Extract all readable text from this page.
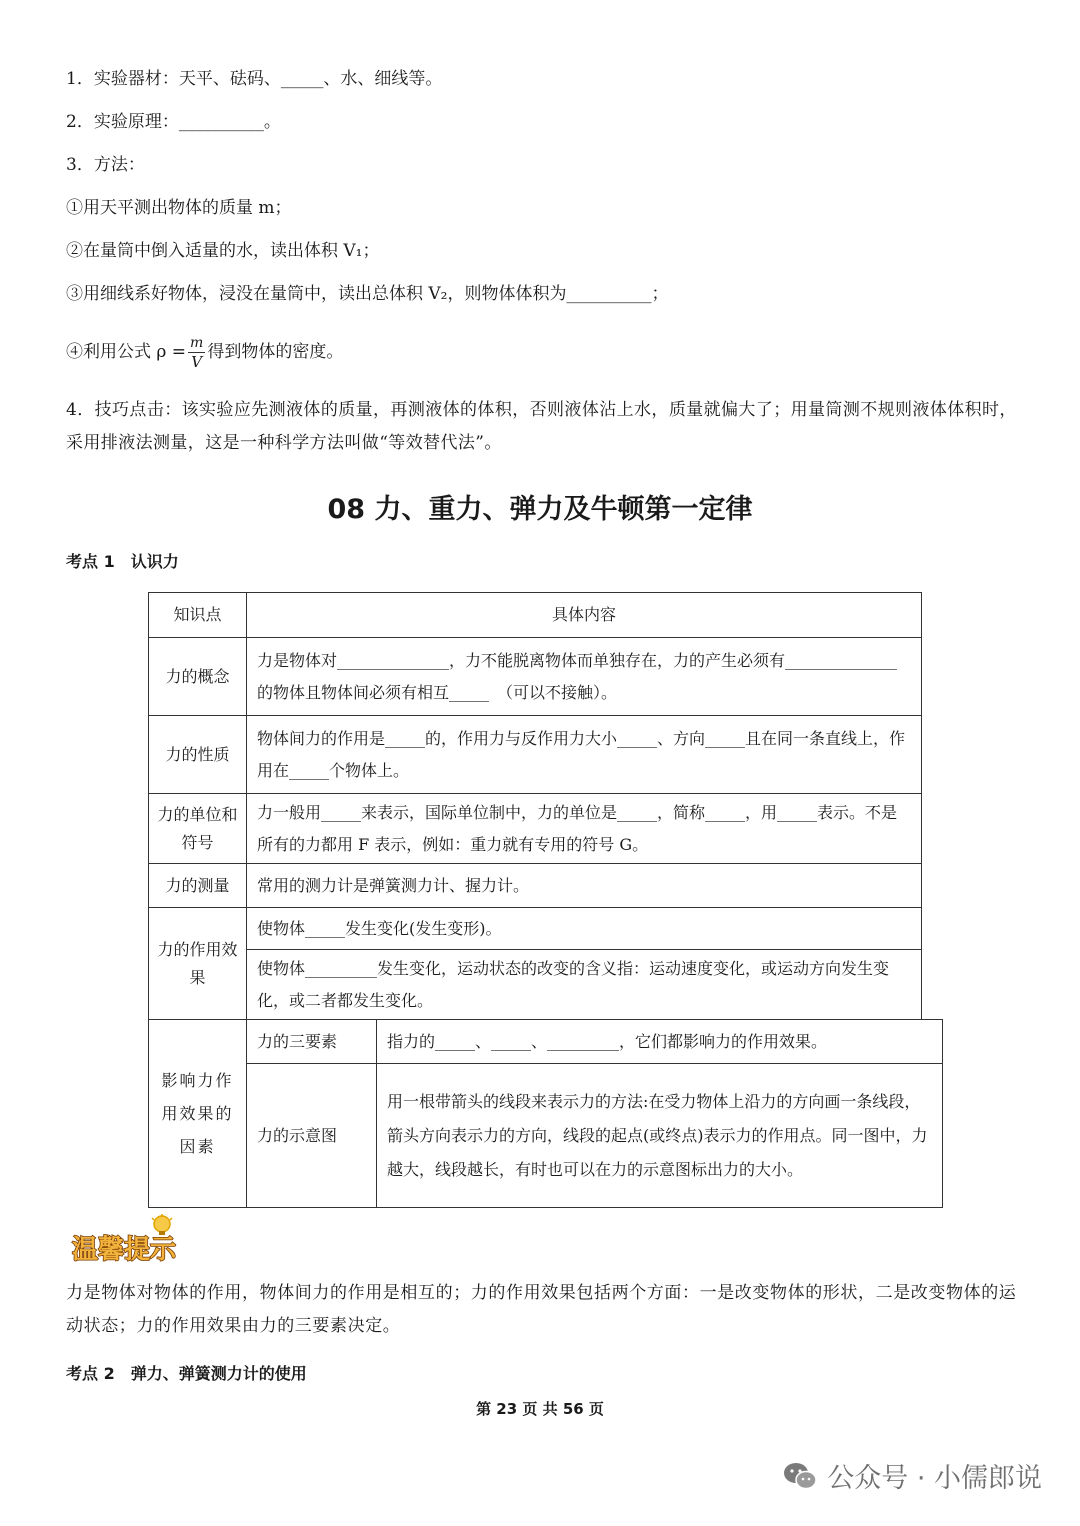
1．实验器材：天平、砝码、_____、水、细线等。
2．实验原理：__________。
3．方法：
①用天平测出物体的质量 m；
②在量筒中倒入适量的水，读出体积 V₁；
③用细线系好物体，浸没在量筒中，读出总体积 V₂，则物体体积为__________；
④利用公式 $\rho = \frac{m}{V}$ 得到物体的密度。
4．技巧点击：该实验应先测液体的质量，再测液体的体积，否则液体沾上水，质量就偏大了；用量筒测不规则液体体积时，采用排液法测量，这是一种科学方法叫做“等效替代法”。
08 力、重力、弹力及牛顿第一定律
考点 1　认识力
知识点	具体内容		
力的概念	力是物体对______________，力不能脱离物体而单独存在，力的产生必须有______________的物体且物体间必须有相互_____　（可以不接触）。		
力的性质	物体间力的作用是_____的，作用力与反作用力大小_____、方向_____且在同一条直线上，作用在_____个物体上。		
力的单位和符号	力一般用_____来表示，国际单位制中，力的单位是_____，简称_____，用_____表示。不是所有的力都用 F 表示，例如：重力就有专用的符号 G。		
力的测量	常用的测力计是弹簧测力计、握力计。		
力的作用效果	使物体_____发生变化(发生变形)。		
	使物体_________发生变化，运动状态的改变的含义指：运动速度变化，或运动方向发生变化，或二者都发生变化。		
影响力作用效果的因素	力的三要素	指力的_____、_____、_________，它们都影响力的作用效果。	
	力的示意图	用一根带箭头的线段来表示力的方法:在受力物体上沿力的方向画一条线段，箭头方向表示力的方向，线段的起点(或终点)表示力的作用点。同一图中，力越大，线段越长，有时也可以在力的示意图标出力的大小。	
温馨提示
力是物体对物体的作用，物体间力的作用是相互的；力的作用效果包括两个方面：一是改变物体的形状，二是改变物体的运动状态；力的作用效果由力的三要素决定。
考点 2　弹力、弹簧测力计的使用
第 23 页 共 56 页
公众号 · 小儒郎说
